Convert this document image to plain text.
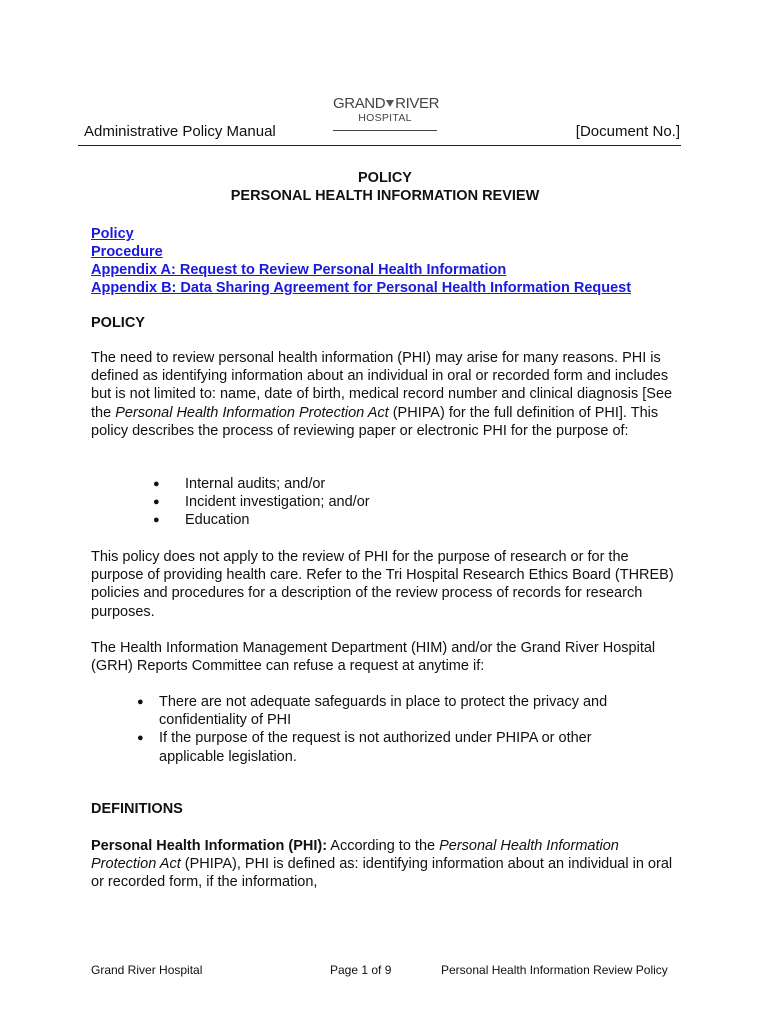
Administrative Policy Manual
GRAND RIVER
HOSPITAL
[Document No.]
POLICY
PERSONAL HEALTH INFORMATION REVIEW
Policy
Procedure
Appendix A: Request to Review Personal Health Information
Appendix B: Data Sharing Agreement for Personal Health Information Request
POLICY
The need to review personal health information (PHI) may arise for many reasons. PHI is defined as identifying information about an individual in oral or recorded form and includes but is not limited to: name, date of birth, medical record number and clinical diagnosis [See the Personal Health Information Protection Act (PHIPA) for the full definition of PHI]. This policy describes the process of reviewing paper or electronic PHI for the purpose of:
● Internal audits; and/or
● Incident investigation; and/or
● Education
This policy does not apply to the review of PHI for the purpose of research or for the purpose of providing health care. Refer to the Tri Hospital Research Ethics Board (THREB) policies and procedures for a description of the review process of records for research purposes.
The Health Information Management Department (HIM) and/or the Grand River Hospital (GRH) Reports Committee can refuse a request at anytime if:
● There are not adequate safeguards in place to protect the privacy and confidentiality of PHI
● If the purpose of the request is not authorized under PHIPA or other applicable legislation.
DEFINITIONS
Personal Health Information (PHI): According to the Personal Health Information Protection Act (PHIPA), PHI is defined as: identifying information about an individual in oral or recorded form, if the information,
Grand River Hospital	Page 1 of 9	Personal Health Information Review Policy
